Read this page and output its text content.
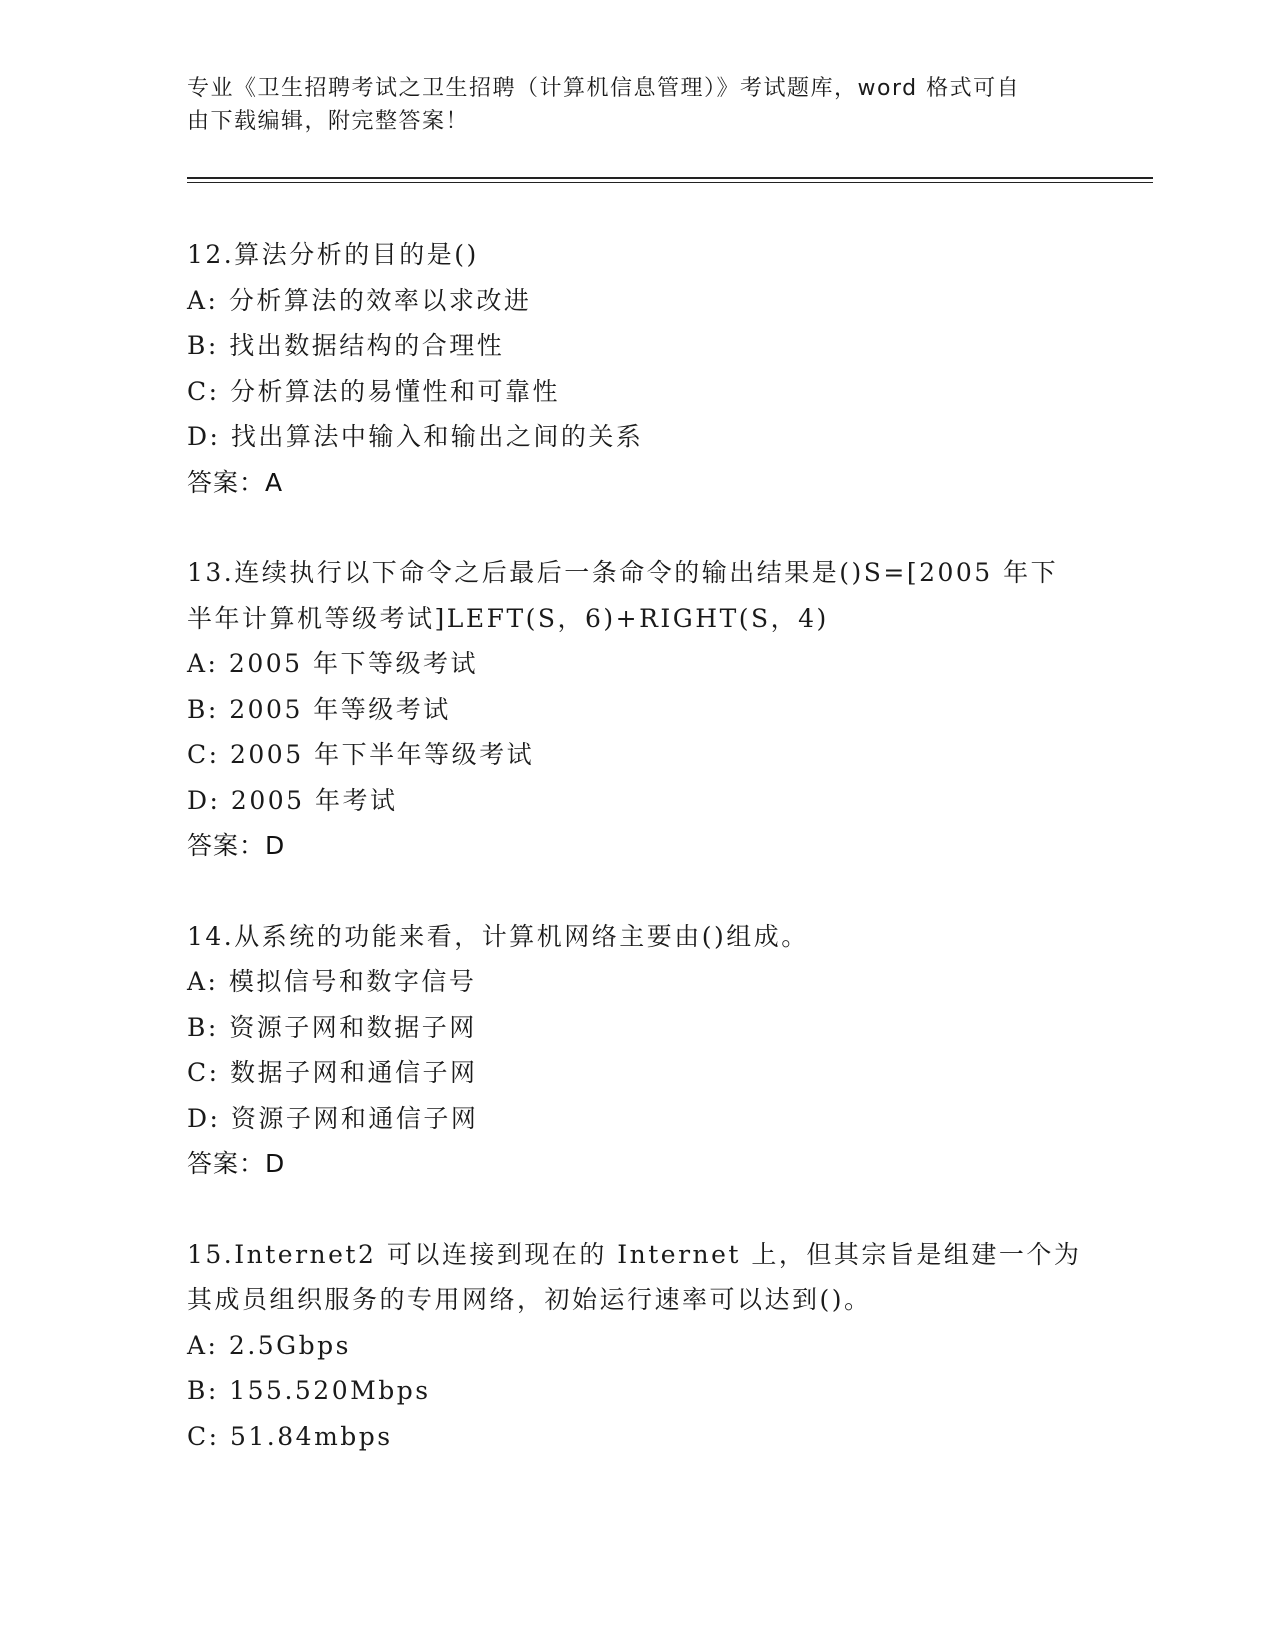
专业《卫生招聘考试之卫生招聘（计算机信息管理）》考试题库，word 格式可自
由下载编辑，附完整答案！
12.算法分析的目的是()
A: 分析算法的效率以求改进
B: 找出数据结构的合理性
C: 分析算法的易懂性和可靠性
D: 找出算法中输入和输出之间的关系
答案：A
13.连续执行以下命令之后最后一条命令的输出结果是()S=[2005 年下
半年计算机等级考试]LEFT(S，6)+RIGHT(S，4)
A: 2005 年下等级考试
B: 2005 年等级考试
C: 2005 年下半年等级考试
D: 2005 年考试
答案：D
14.从系统的功能来看，计算机网络主要由()组成。
A: 模拟信号和数字信号
B: 资源子网和数据子网
C: 数据子网和通信子网
D: 资源子网和通信子网
答案：D
15.Internet2 可以连接到现在的 Internet 上，但其宗旨是组建一个为
其成员组织服务的专用网络，初始运行速率可以达到()。
A: 2.5Gbps
B: 155.520Mbps
C: 51.84mbps
